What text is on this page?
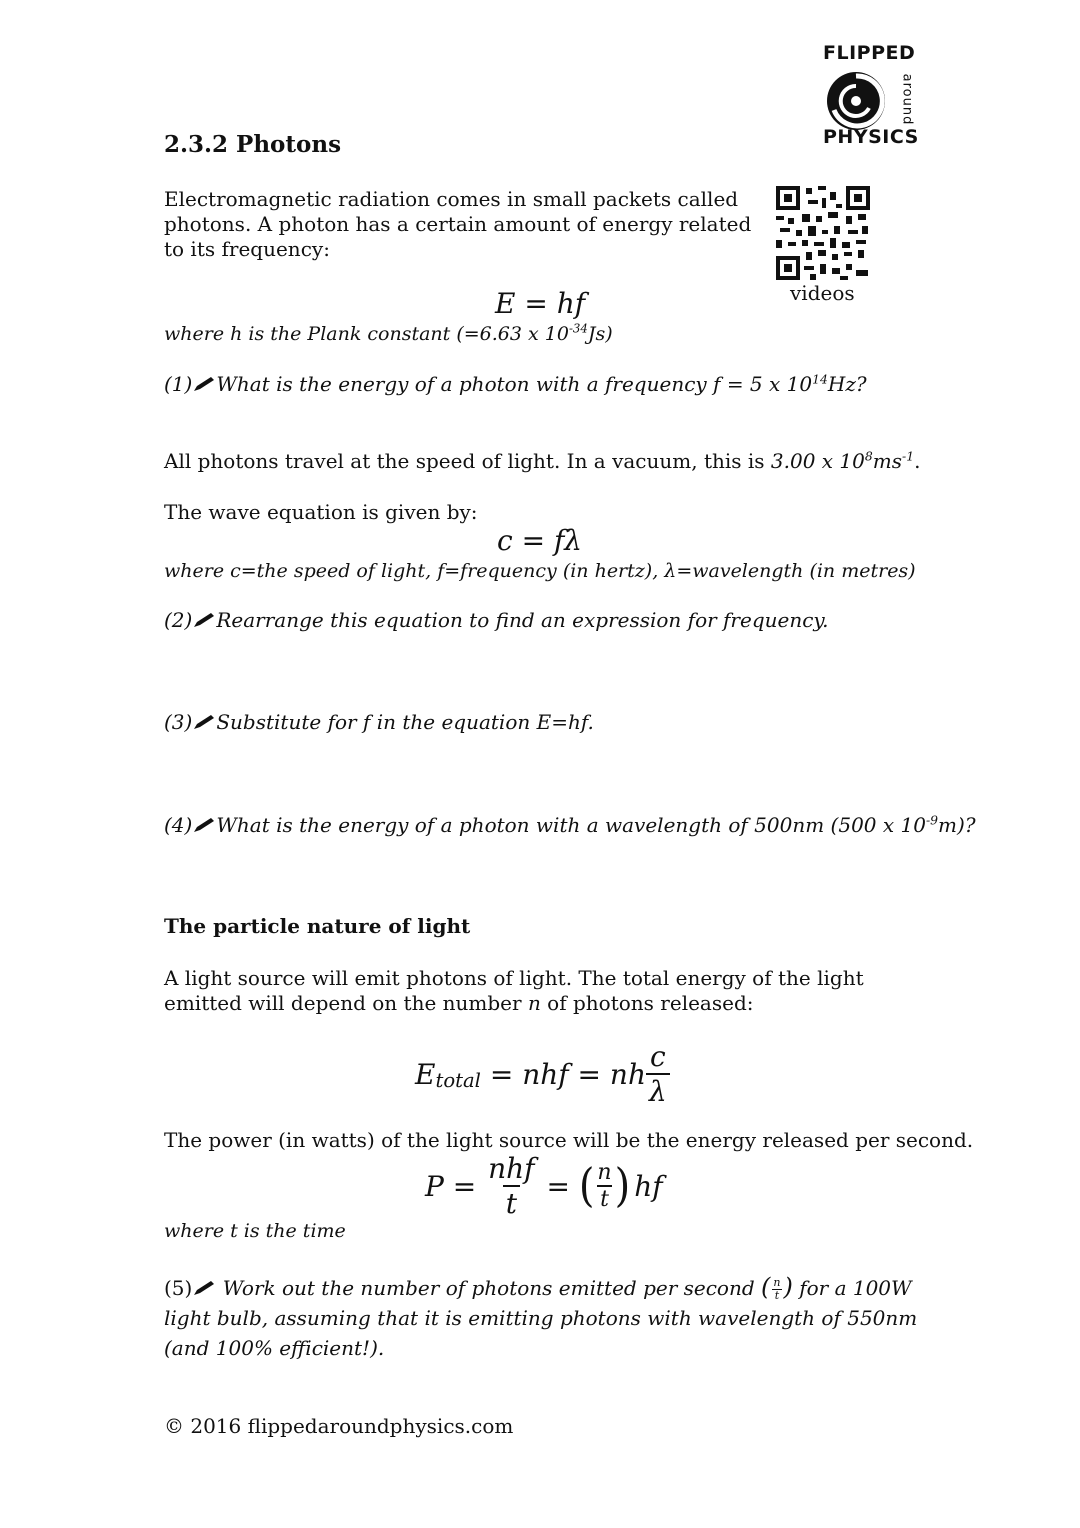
FLIPPED
around
PHYSICS
2.3.2 Photons
videos
Electromagnetic radiation comes in small packets called photons. A photon has a certain amount of energy related to its frequency:
E = hf
where h is the Plank constant (=6.63 x $10^{-34}Js$)
(1) What is the energy of a photon with a frequency f = 5 x $10^{14}Hz$?
All photons travel at the speed of light. In a vacuum, this is 3.00 x $10^8ms^{-1}$.
The wave equation is given by:
c = fλ
where c=the speed of light, f=frequency (in hertz), λ=wavelength (in metres)
(2) Rearrange this equation to find an expression for frequency.
(3) Substitute for f in the equation E=hf.
(4) What is the energy of a photon with a wavelength of 500nm (500 x $10^{-9}m$)?
The particle nature of light
A light source will emit photons of light. The total energy of the light emitted will depend on the number n of photons released:
$E_{total}$ = nhf = nh $\frac{c}{\lambda}$
The power (in watts) of the light source will be the energy released per second.
$P = \frac{\text{nhf}}{t}$ = ( $\frac{n}{t}$ ) hf
where t is the time
(5) Work out the number of photons emitted per second ( $\frac{n}{t}$ ) for a 100W light bulb, assuming that it is emitting photons with wavelength of 550nm (and 100% efficient!).
© 2016 flippedaroundphysics.com
